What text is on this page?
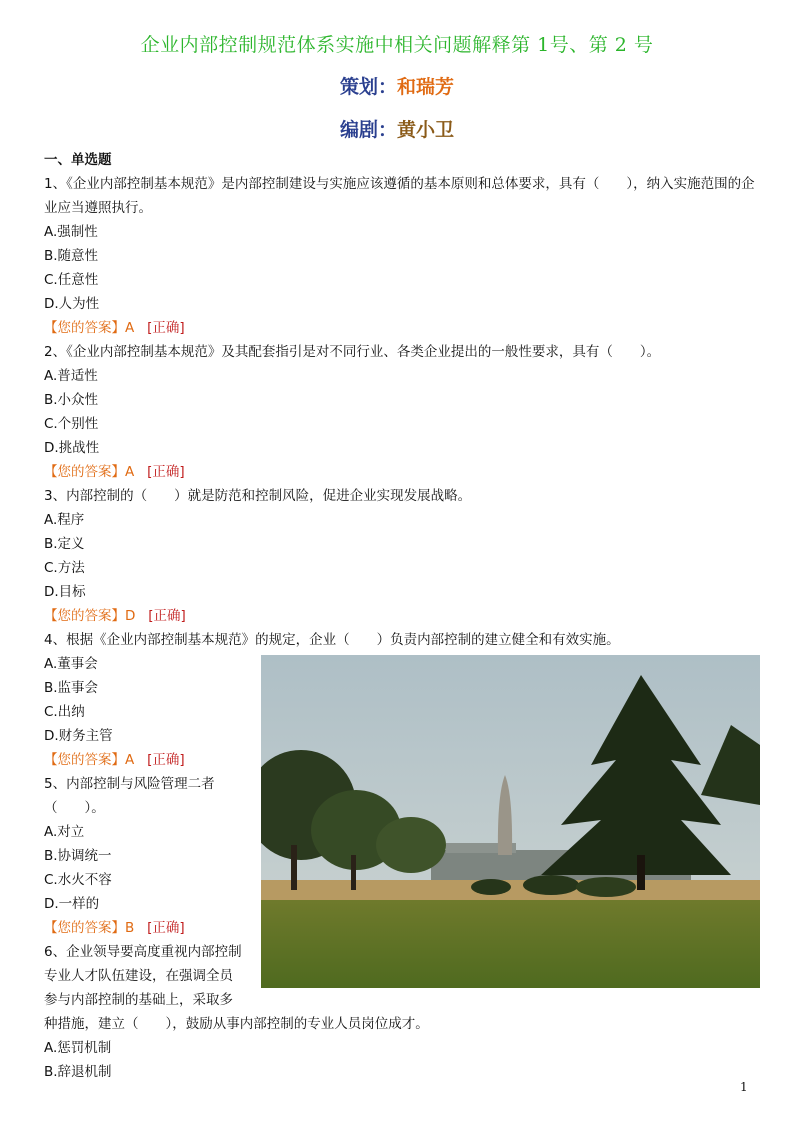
企业内部控制规范体系实施中相关问题解释第 1号、第 2 号
策划：和瑞芳
编剧：黄小卫
一、单选题

1、《企业内部控制基本规范》是内部控制建设与实施应该遵循的基本原则和总体要求，具有（　　），纳入实施范围的企业应当遵照执行。

A.强制性

B.随意性

C.任意性

D.人为性

【您的答案】A [正确]

2、《企业内部控制基本规范》及其配套指引是对不同行业、各类企业提出的一般性要求，具有（　　）。

A.普适性

B.小众性

C.个别性

D.挑战性

【您的答案】A [正确]

3、内部控制的（　　）就是防范和控制风险，促进企业实现发展战略。

A.程序

B.定义

C.方法

D.目标

【您的答案】D [正确]

4、根据《企业内部控制基本规范》的规定，企业（　　）负责内部控制的建立健全和有效实施。

A.董事会

B.监事会

C.出纳

D.财务主管

【您的答案】A [正确]

5、内部控制与风险管理二者

（　　）。

A.对立

B.协调统一

C.水火不容

D.一样的

【您的答案】B [正确]

6、企业领导要高度重视内部控制

专业人才队伍建设，在强调全员

参与内部控制的基础上，采取多

种措施，建立（　　），鼓励从事内部控制的专业人员岗位成才。

A.惩罚机制

B.辞退机制

1
